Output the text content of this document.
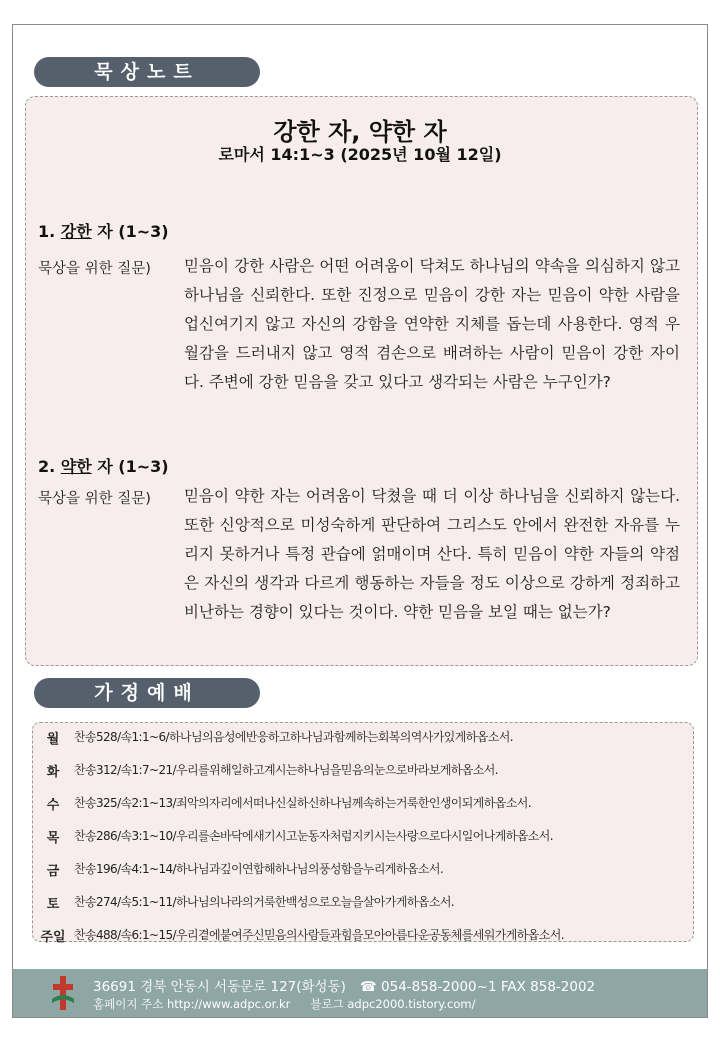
묵상노트
강한 자, 약한 자
로마서 14:1~3 (2025년 10월 12일)
1. 강한 자 (1~3)
묵상을 위한 질문) 믿음이 강한 사람은 어떤 어려움이 닥쳐도 하나님의 약속을 의심하지 않고 하나님을 신뢰한다. 또한 진정으로 믿음이 강한 자는 믿음이 약한 사람을 업신여기지 않고 자신의 강함을 연약한 지체를 돕는데 사용한다. 영적 우월감을 드러내지 않고 영적 겸손으로 배려하는 사람이 믿음이 강한 자이다. 주변에 강한 믿음을 갖고 있다고 생각되는 사람은 누구인가?
2. 약한 자 (1~3)
묵상을 위한 질문) 믿음이 약한 자는 어려움이 닥쳤을 때 더 이상 하나님을 신뢰하지 않는다. 또한 신앙적으로 미성숙하게 판단하여 그리스도 안에서 완전한 자유를 누리지 못하거나 특정 관습에 얽매이며 산다. 특히 믿음이 약한 자들의 약점은 자신의 생각과 다르게 행동하는 자들을 정도 이상으로 강하게 정죄하고 비난하는 경향이 있다는 것이다. 약한 믿음을 보일 때는 없는가?
가정예배
월	찬송528/속1:1~6/하나님의음성에반응하고하나님과함께하는회복의역사가있게하옵소서.
화	찬송312/속1:7~21/우리를위해일하고계시는하나님을믿음의눈으로바라보게하옵소서.
수	찬송325/속2:1~13/죄악의자리에서떠나신실하신하나님께속하는거룩한인생이되게하옵소서.
목	찬송286/속3:1~10/우리를손바닥에새기시고눈동자처럼지키시는사랑으로다시일어나게하옵소서.
금	찬송196/속4:1~14/하나님과깊이연합해하나님의풍성함을누리게하옵소서.
토	찬송274/속5:1~11/하나님의나라의거룩한백성으로오늘을살아가게하옵소서.
주일 찬송488/속6:1~15/우리곁에붙여주신믿음의사람들과힘을모아아름다운공동체를세워가게하옵소서.
36691 경북 안동시 서동문로 127(화성동) ☎ 054-858-2000~1 FAX 858-2002
홈페이지 주소 http://www.adpc.or.kr 블로그 adpc2000.tistory.com/
